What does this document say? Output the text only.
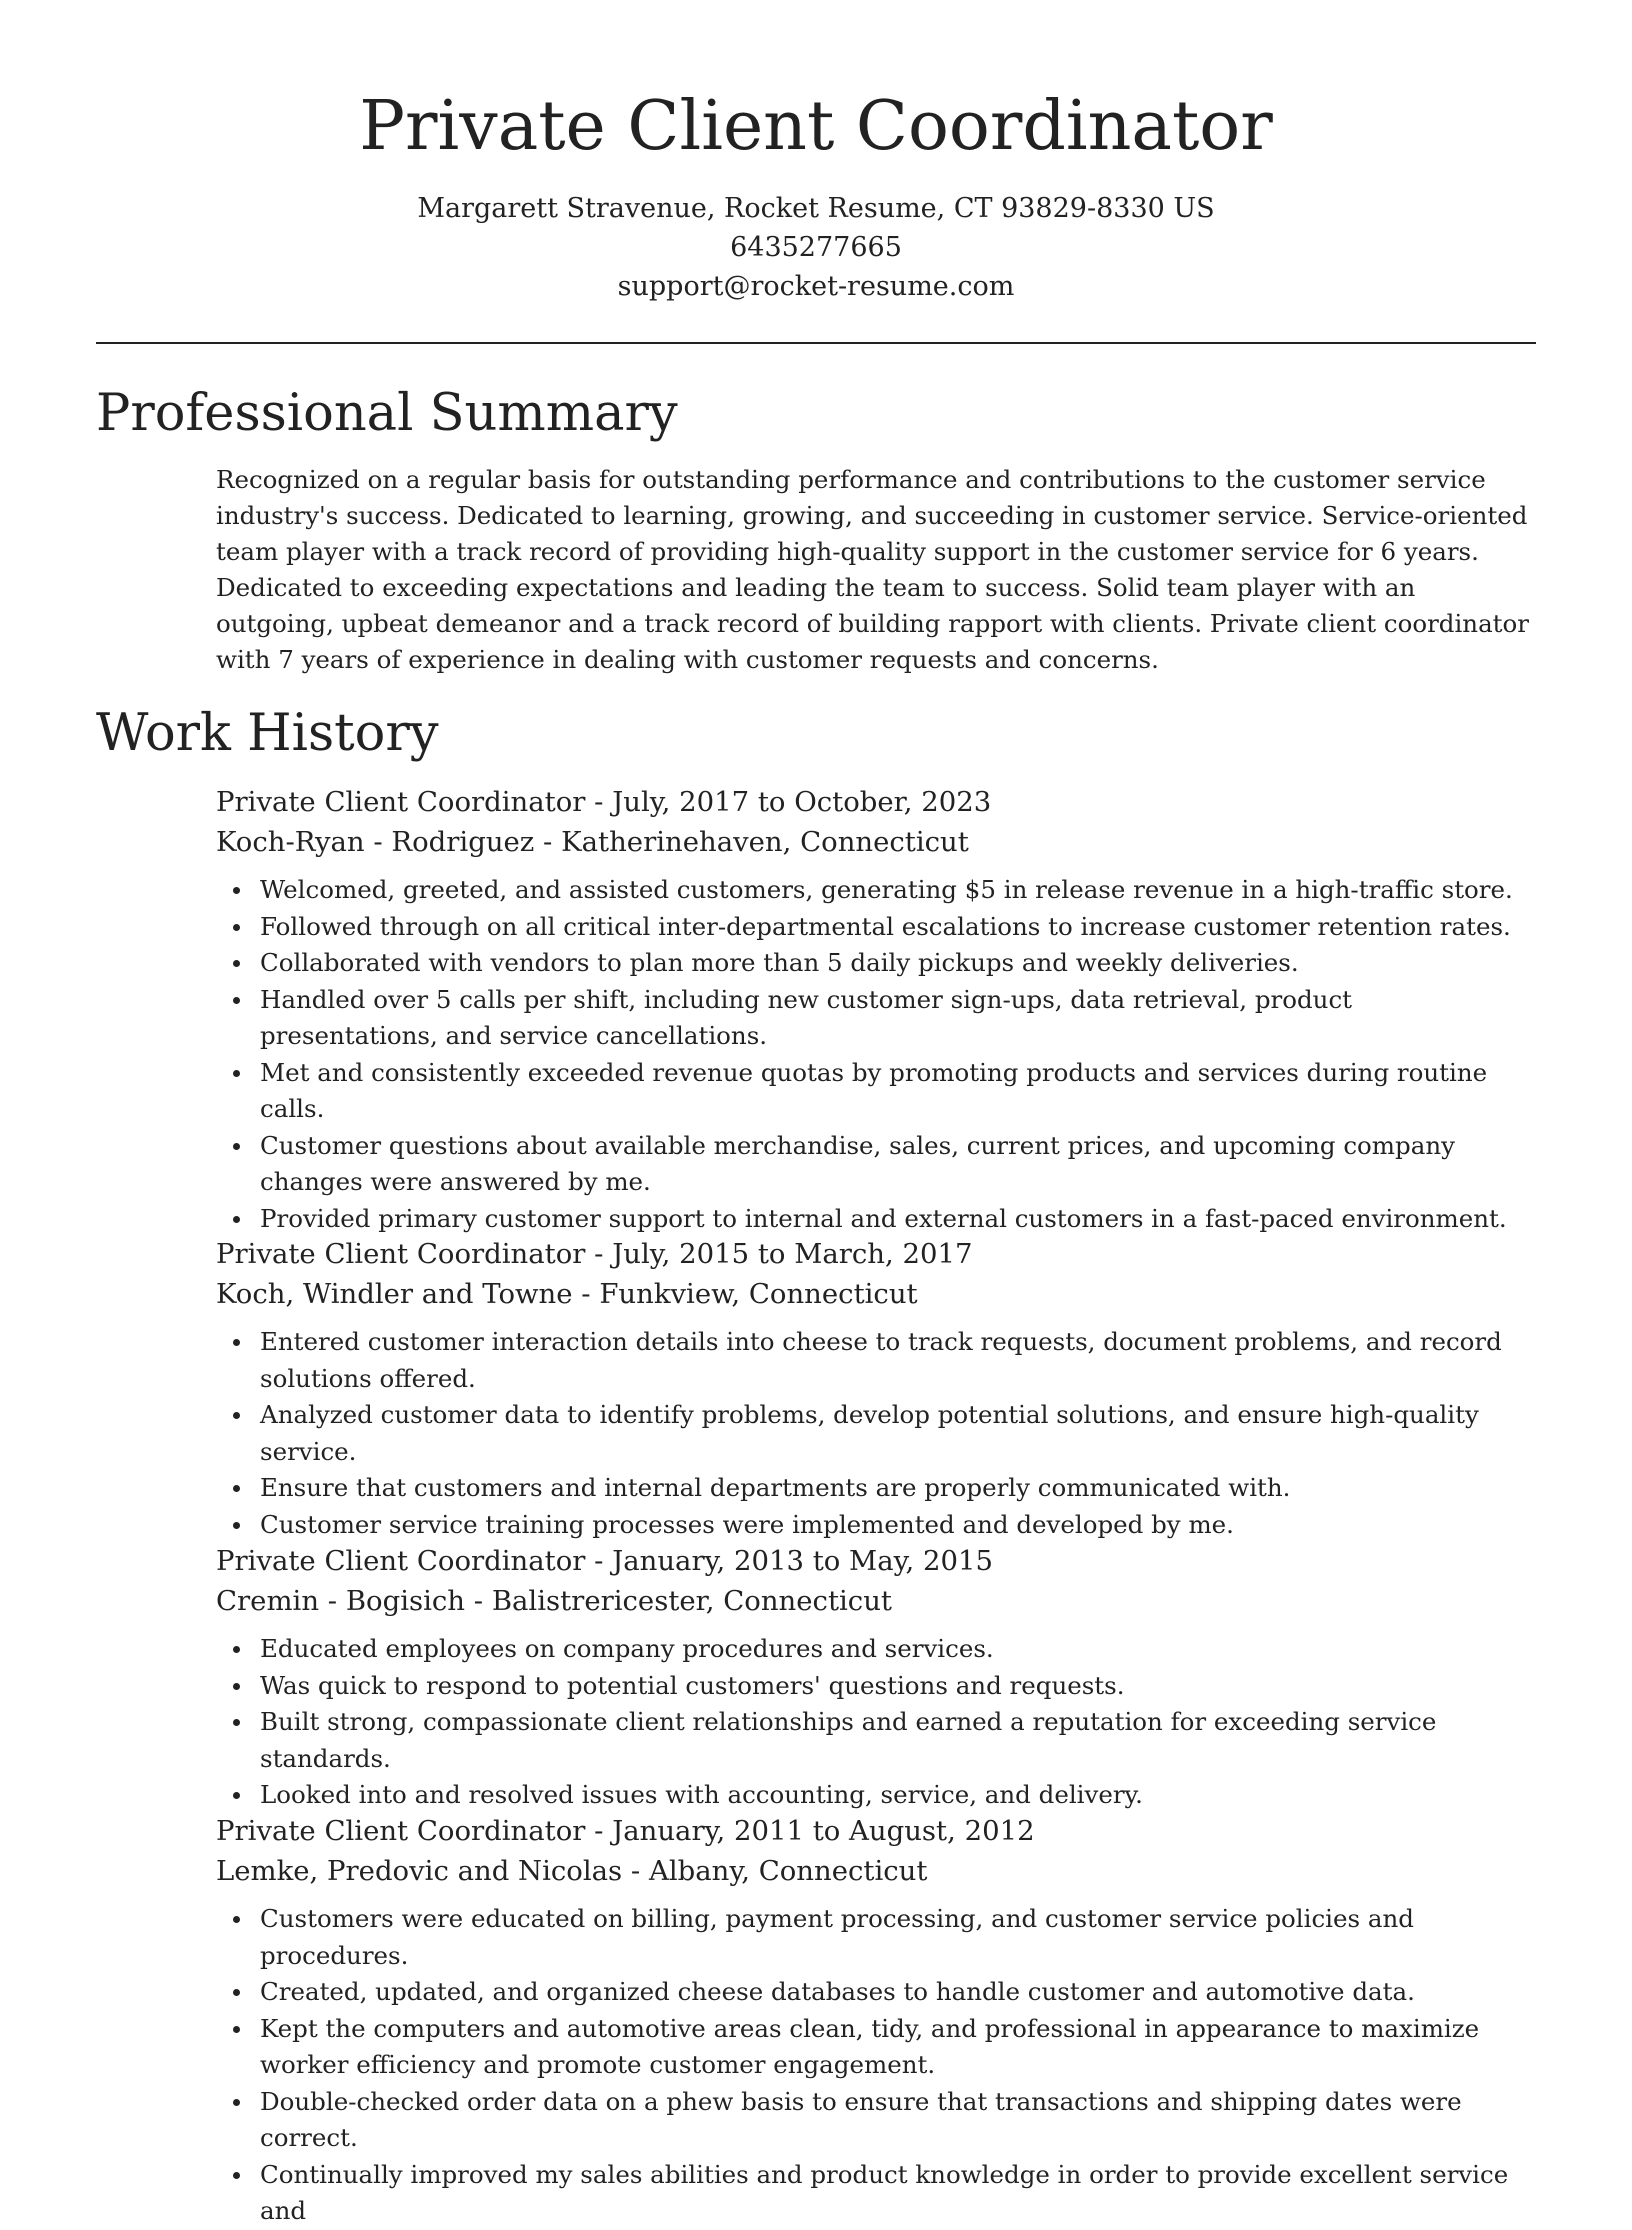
Private Client Coordinator
Margarett Stravenue, Rocket Resume, CT 93829-8330 US
6435277665
support@rocket-resume.com
Professional Summary

Recognized on a regular basis for outstanding performance and contributions to the customer service industry's success. Dedicated to learning, growing, and succeeding in customer service. Service-oriented team player with a track record of providing high-quality support in the customer service for 6 years. Dedicated to exceeding expectations and leading the team to success. Solid team player with an outgoing, upbeat demeanor and a track record of building rapport with clients. Private client coordinator with 7 years of experience in dealing with customer requests and concerns.

Work History
Private Client Coordinator - July, 2017 to October, 2023
Koch-Ryan - Rodriguez - Katherinehaven, Connecticut
Welcomed, greeted, and assisted customers, generating $5 in release revenue in a high-traffic store.
Followed through on all critical inter-departmental escalations to increase customer retention rates.
Collaborated with vendors to plan more than 5 daily pickups and weekly deliveries.
Handled over 5 calls per shift, including new customer sign-ups, data retrieval, product presentations, and service cancellations.
Met and consistently exceeded revenue quotas by promoting products and services during routine calls.
Customer questions about available merchandise, sales, current prices, and upcoming company changes were answered by me.
Provided primary customer support to internal and external customers in a fast-paced environment.
Private Client Coordinator - July, 2015 to March, 2017
Koch, Windler and Towne - Funkview, Connecticut
Entered customer interaction details into cheese to track requests, document problems, and record solutions offered.
Analyzed customer data to identify problems, develop potential solutions, and ensure high-quality service.
Ensure that customers and internal departments are properly communicated with.
Customer service training processes were implemented and developed by me.
Private Client Coordinator - January, 2013 to May, 2015
Cremin - Bogisich - Balistrericester, Connecticut
Educated employees on company procedures and services.
Was quick to respond to potential customers' questions and requests.
Built strong, compassionate client relationships and earned a reputation for exceeding service standards.
Looked into and resolved issues with accounting, service, and delivery.
Private Client Coordinator - January, 2011 to August, 2012
Lemke, Predovic and Nicolas - Albany, Connecticut
Customers were educated on billing, payment processing, and customer service policies and procedures.
Created, updated, and organized cheese databases to handle customer and automotive data.
Kept the computers and automotive areas clean, tidy, and professional in appearance to maximize worker efficiency and promote customer engagement.
Double-checked order data on a phew basis to ensure that transactions and shipping dates were correct.
Continually improved my sales abilities and product knowledge in order to provide excellent service and
